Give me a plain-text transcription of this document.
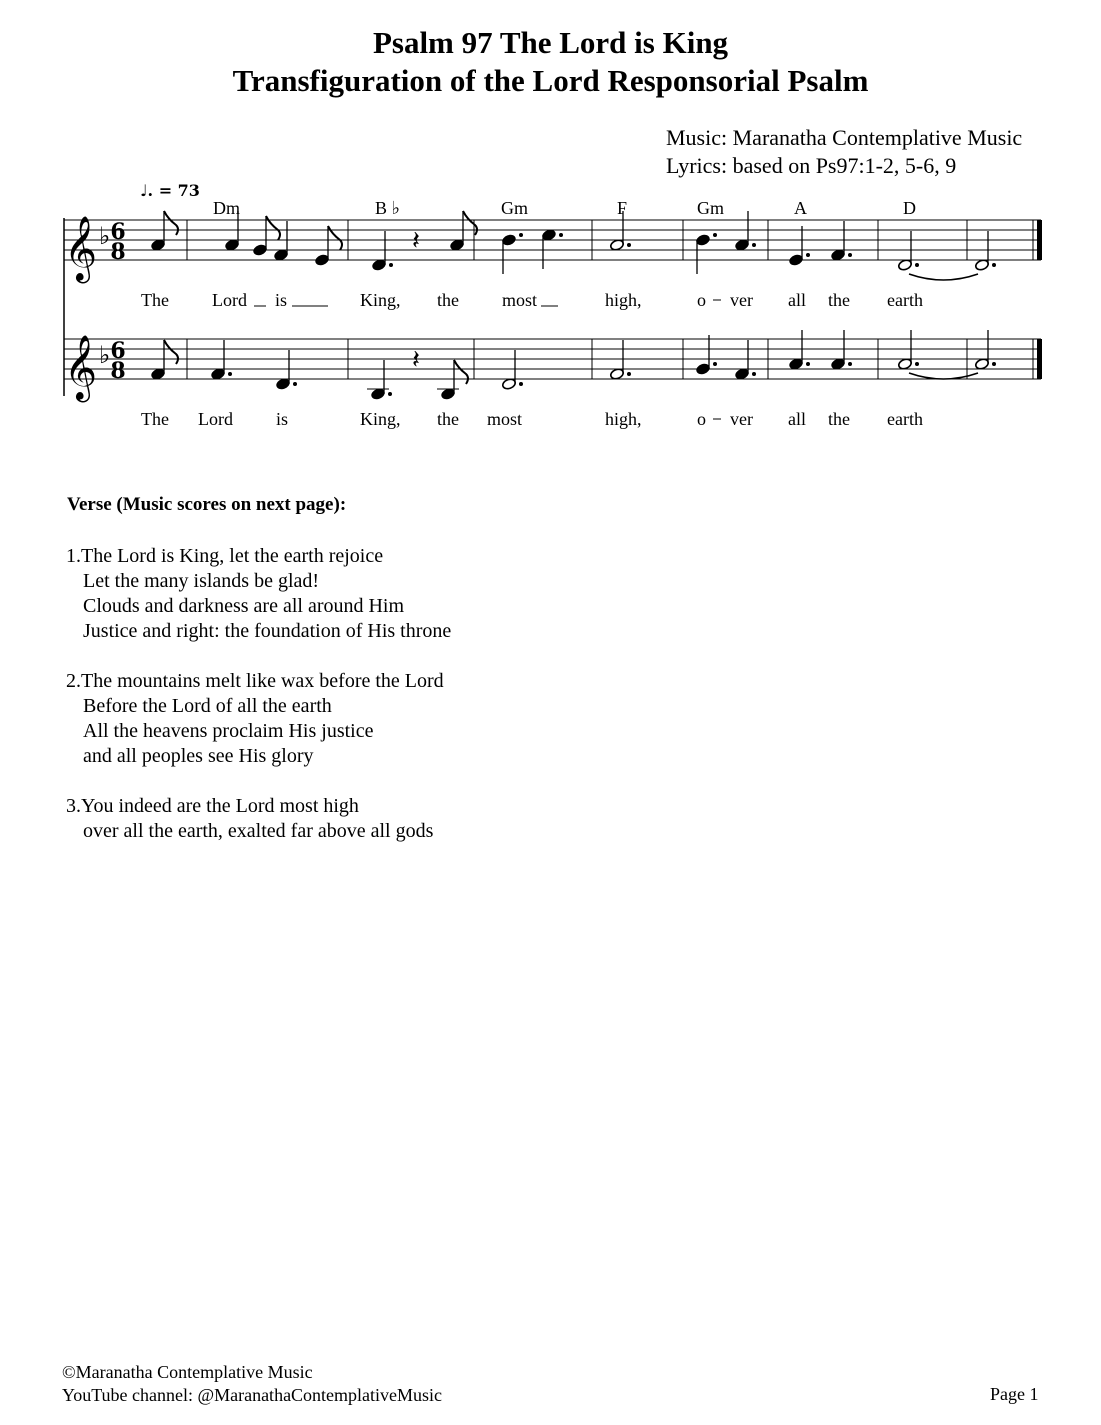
Psalm 97 The Lord is King
Transfiguration of the Lord Responsorial Psalm
Music: Maranatha Contemplative Music
Lyrics: based on Ps97:1-2, 5-6, 9
♩. = 73
Dm	B ♭	Gm	F	Gm	A	D
𝄞 ♭ 6
8	𝄽
𝄞 ♭ 6
8	𝄽
The Lord is	King, the most	high,	o ver all the earth
The Lord is	King, the most	high,	o ver all the earth
Verse (Music scores on next page):
1.The Lord is King, let the earth rejoice
Let the many islands be glad!
Clouds and darkness are all around Him
Justice and right: the foundation of His throne
2.The mountains melt like wax before the Lord
Before the Lord of all the earth
All the heavens proclaim His justice
and all peoples see His glory
3.You indeed are the Lord most high
over all the earth, exalted far above all gods
©Maranatha Contemplative Music
YouTube channel: @MaranathaContemplativeMusic	Page 1
